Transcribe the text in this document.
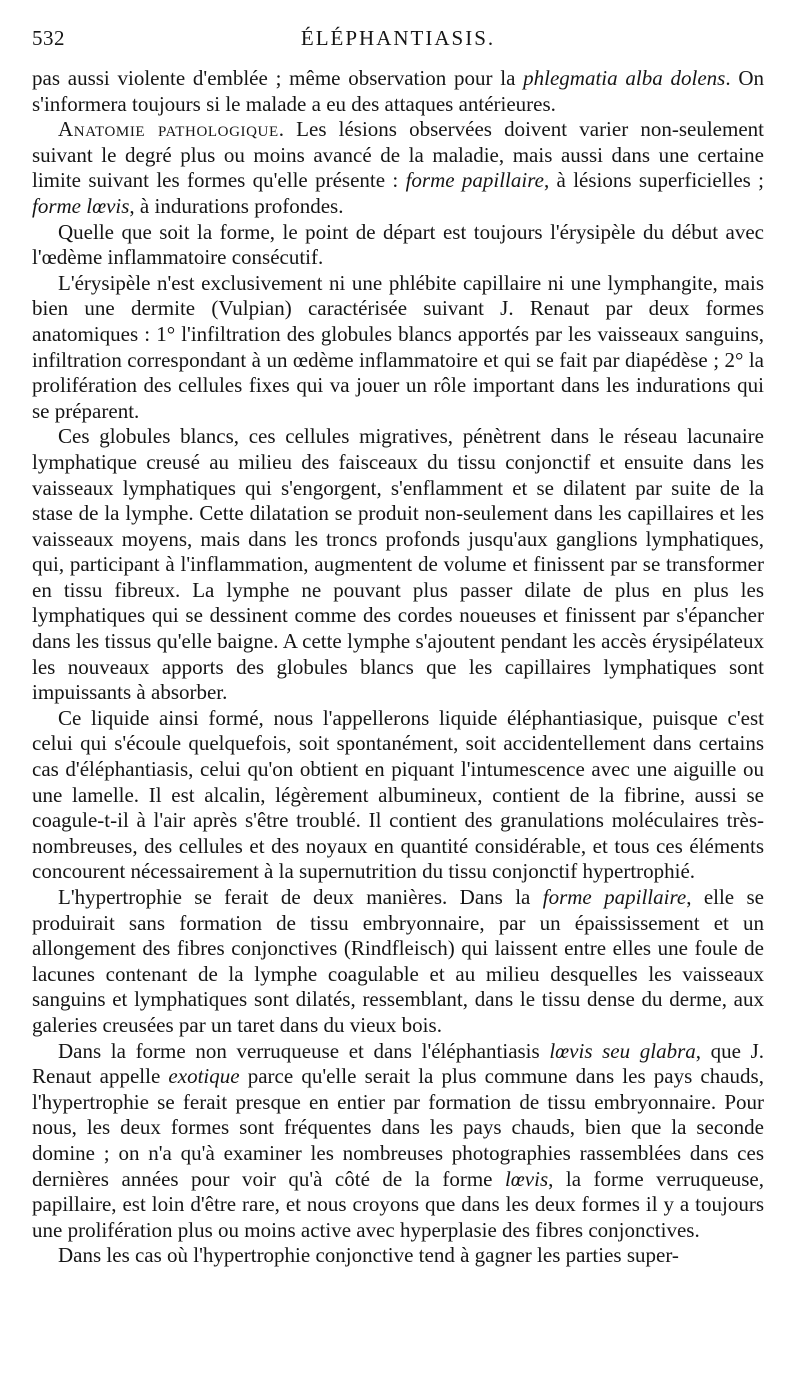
532	ÉLÉPHANTIASIS.

pas aussi violente d'emblée ; même observation pour la phlegmatia alba dolens. On s'informera toujours si le malade a eu des attaques antérieures.

Anatomie pathologique. Les lésions observées doivent varier non-seulement suivant le degré plus ou moins avancé de la maladie, mais aussi dans une certaine limite suivant les formes qu'elle présente : forme papillaire, à lésions superficielles ; forme lœvis, à indurations profondes.

Quelle que soit la forme, le point de départ est toujours l'érysipèle du début avec l'œdème inflammatoire consécutif.

L'érysipèle n'est exclusivement ni une phlébite capillaire ni une lymphangite, mais bien une dermite (Vulpian) caractérisée suivant J. Renaut par deux formes anatomiques : 1° l'infiltration des globules blancs apportés par les vaisseaux sanguins, infiltration correspondant à un œdème inflammatoire et qui se fait par diapédèse ; 2° la prolifération des cellules fixes qui va jouer un rôle important dans les indurations qui se préparent.

Ces globules blancs, ces cellules migratives, pénètrent dans le réseau lacunaire lymphatique creusé au milieu des faisceaux du tissu conjonctif et ensuite dans les vaisseaux lymphatiques qui s'engorgent, s'enflamment et se dilatent par suite de la stase de la lymphe. Cette dilatation se produit non-seulement dans les capillaires et les vaisseaux moyens, mais dans les troncs profonds jusqu'aux ganglions lymphatiques, qui, participant à l'inflammation, augmentent de volume et finissent par se transformer en tissu fibreux. La lymphe ne pouvant plus passer dilate de plus en plus les lymphatiques qui se dessinent comme des cordes noueuses et finissent par s'épancher dans les tissus qu'elle baigne. A cette lymphe s'ajoutent pendant les accès érysipélateux les nouveaux apports des globules blancs que les capillaires lymphatiques sont impuissants à absorber.

Ce liquide ainsi formé, nous l'appellerons liquide éléphantiasique, puisque c'est celui qui s'écoule quelquefois, soit spontanément, soit accidentellement dans certains cas d'éléphantiasis, celui qu'on obtient en piquant l'intumescence avec une aiguille ou une lamelle. Il est alcalin, légèrement albumineux, contient de la fibrine, aussi se coagule-t-il à l'air après s'être troublé. Il contient des granulations moléculaires très-nombreuses, des cellules et des noyaux en quantité considérable, et tous ces éléments concourent nécessairement à la supernutrition du tissu conjonctif hypertrophié.

L'hypertrophie se ferait de deux manières. Dans la forme papillaire, elle se produirait sans formation de tissu embryonnaire, par un épaississement et un allongement des fibres conjonctives (Rindfleisch) qui laissent entre elles une foule de lacunes contenant de la lymphe coagulable et au milieu desquelles les vaisseaux sanguins et lymphatiques sont dilatés, ressemblant, dans le tissu dense du derme, aux galeries creusées par un taret dans du vieux bois.

Dans la forme non verruqueuse et dans l'éléphantiasis lœvis seu glabra, que J. Renaut appelle exotique parce qu'elle serait la plus commune dans les pays chauds, l'hypertrophie se ferait presque en entier par formation de tissu embryonnaire. Pour nous, les deux formes sont fréquentes dans les pays chauds, bien que la seconde domine ; on n'a qu'à examiner les nombreuses photographies rassemblées dans ces dernières années pour voir qu'à côté de la forme lœvis, la forme verruqueuse, papillaire, est loin d'être rare, et nous croyons que dans les deux formes il y a toujours une prolifération plus ou moins active avec hyperplasie des fibres conjonctives.

Dans les cas où l'hypertrophie conjonctive tend à gagner les parties super-
